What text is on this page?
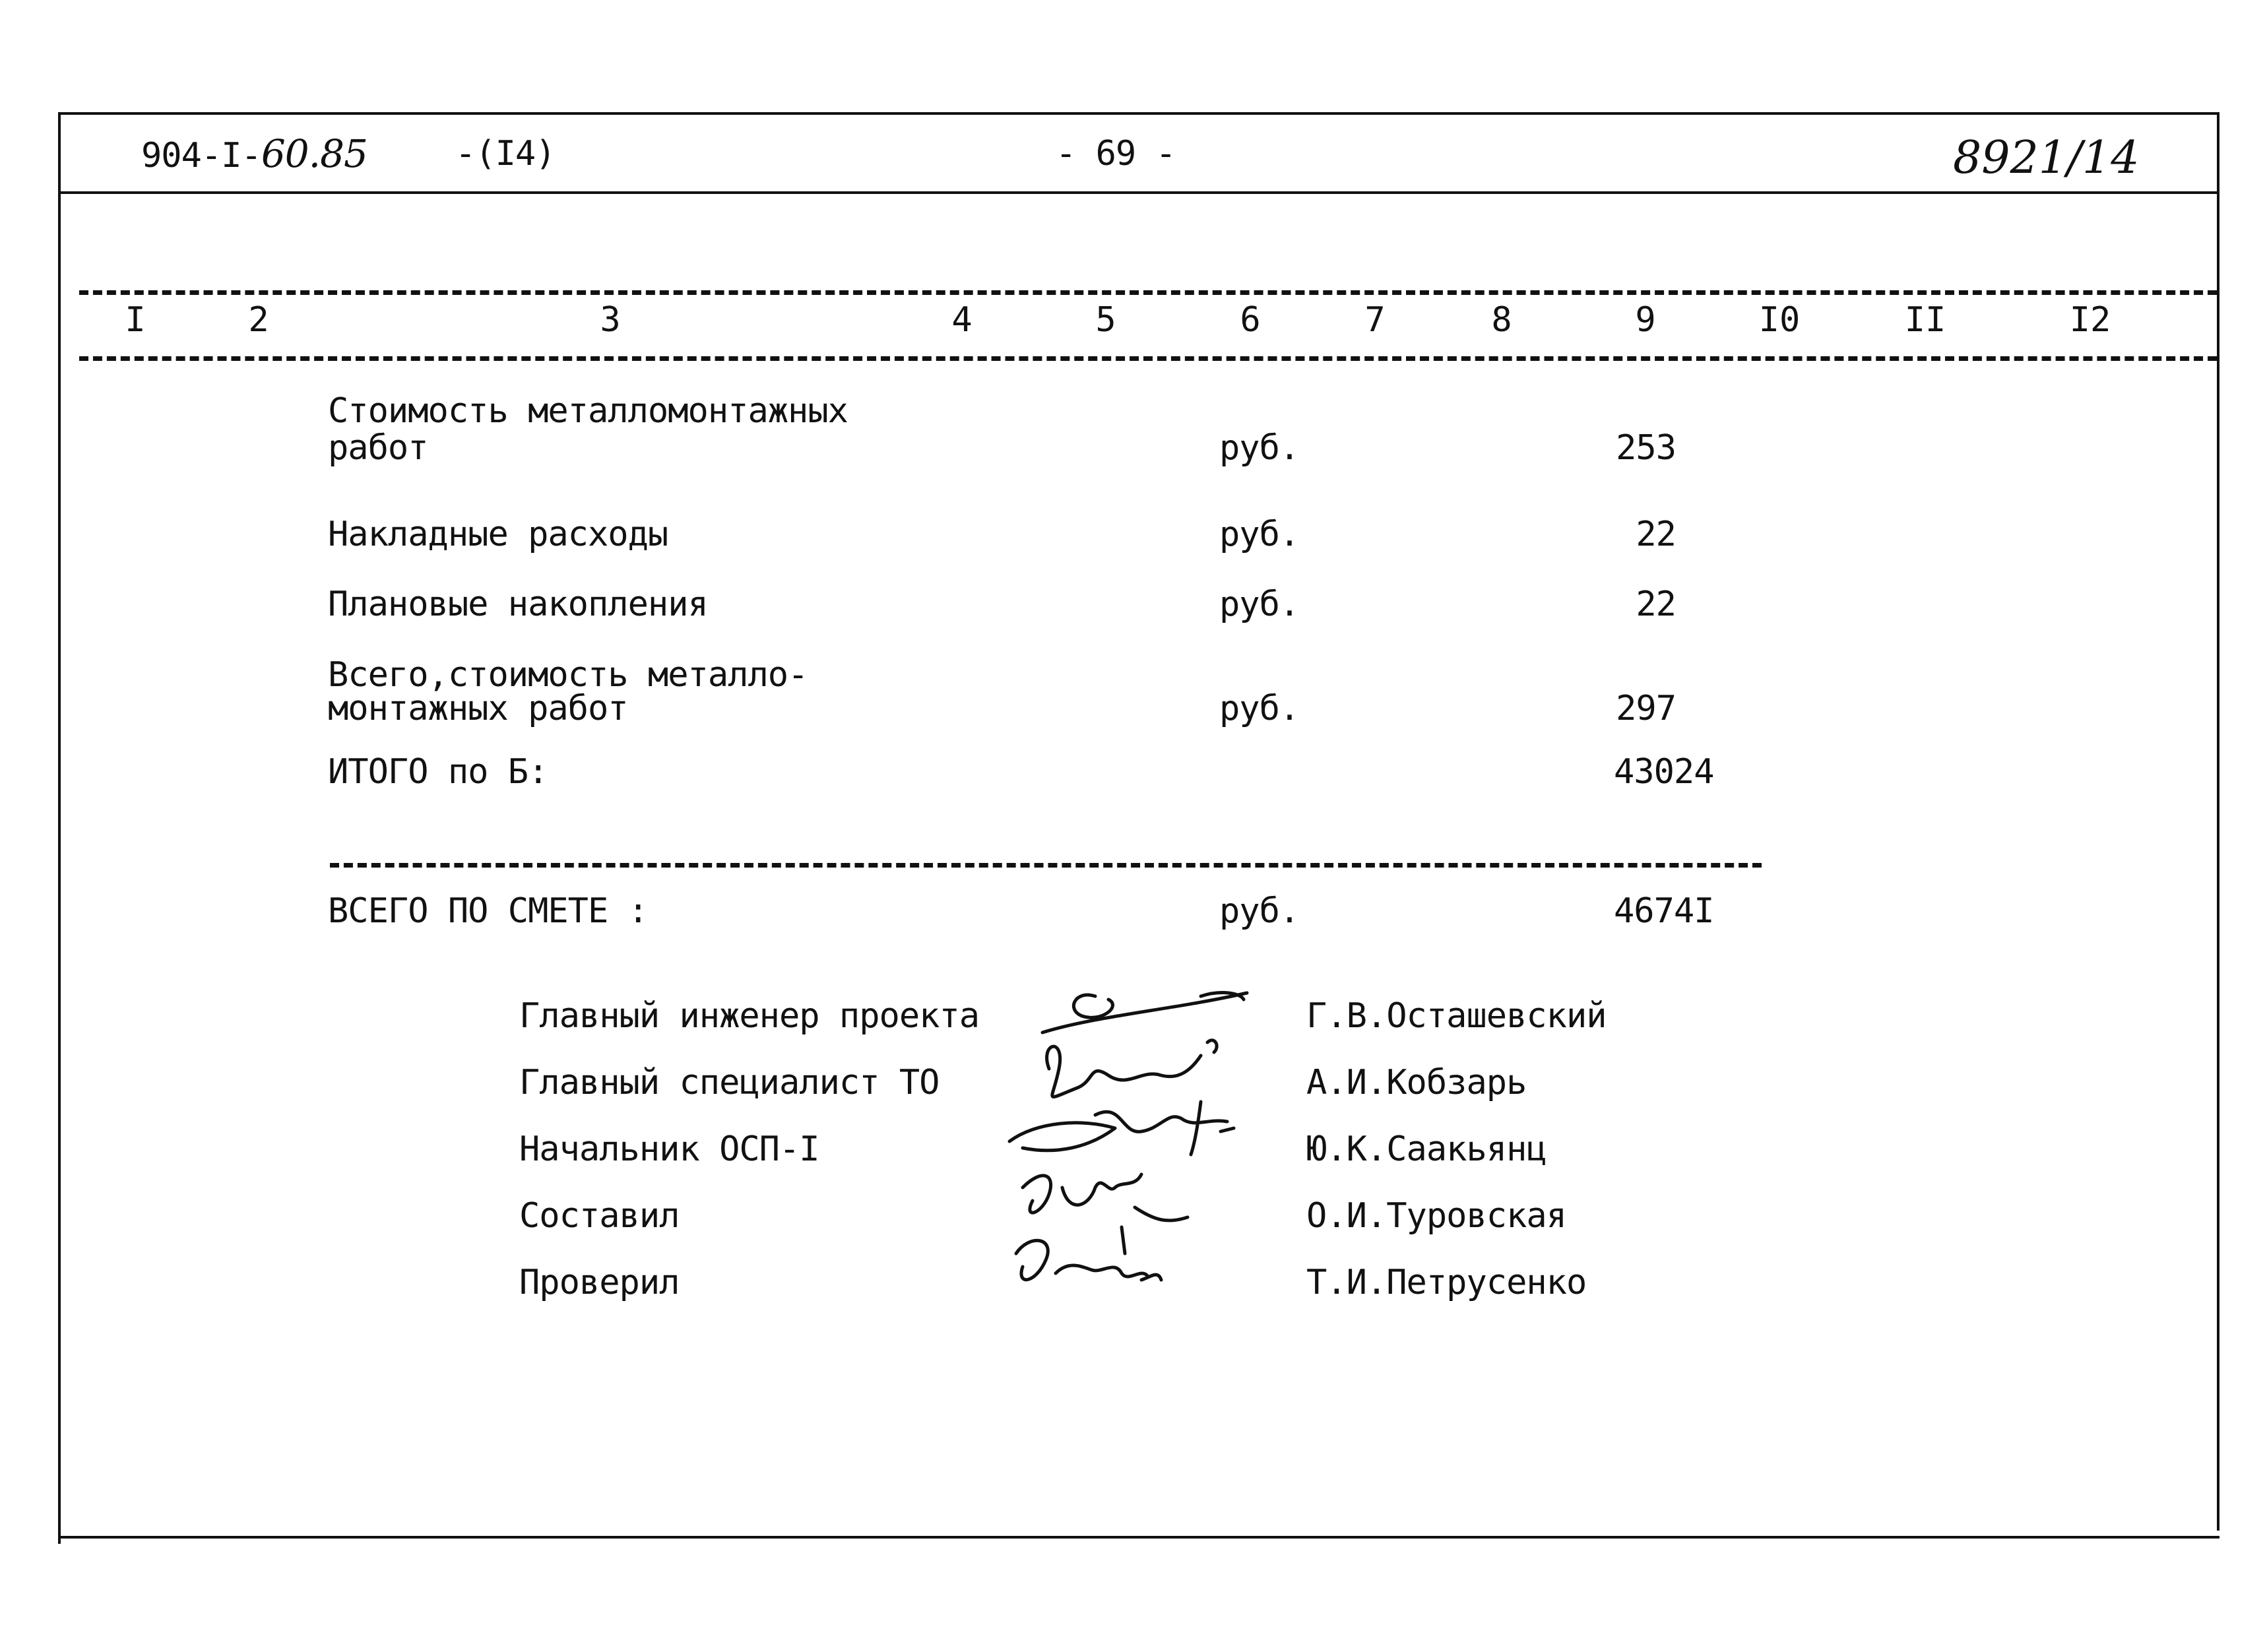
904-I-60.85	-(I4)	- 69 -	8921/14
I	2	3	4	5	6	7	8	9	I0	II	I2
Стоимость металломонтажных
работ	руб.	253
Накладные расходы	руб.	22
Плановые накопления	руб.	22
Всего,стоимость металло-
монтажных работ	руб.	297
ИТОГО по Б:	43024
ВСЕГО ПО СМЕТЕ :	руб.	4674I
Главный инженер проекта	Г.В.Осташевский
Главный специалист ТО	А.И.Кобзарь
Начальник ОСП-I	Ю.К.Саакьянц
Составил	О.И.Туровская
Проверил	Т.И.Петрусенко
